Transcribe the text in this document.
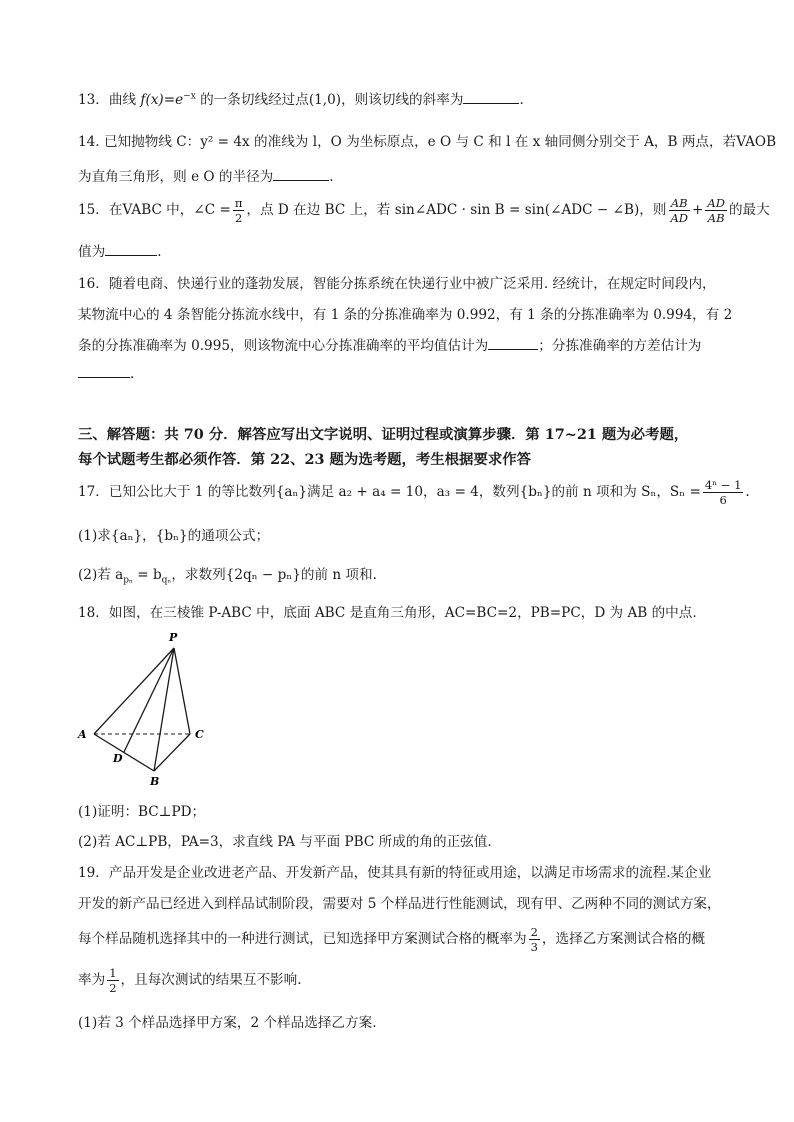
13．曲线 $f(x)=e^{-x}$ 的一条切线经过点(1,0)，则该切线的斜率为	.
14. 已知抛物线 C：y² = 4x 的准线为 l，O 为坐标原点，e O 与 C 和 l 在 x 轴同侧分别交于 A，B 两点，若VAOB
为直角三角形，则 e O 的半径为	.
15．在VABC 中，∠C = $\frac{\pi}{2}$ ，点 D 在边 BC 上，若 sin∠ADC · sin B = sin(∠ADC − ∠B)，则 $\frac{AB}{AD} + \frac{AD}{AB}$ 的最大
值为	.
16．随着电商、快递行业的蓬勃发展，智能分拣系统在快递行业中被广泛采用. 经统计，在规定时间段内，
某物流中心的 4 条智能分拣流水线中，有 1 条的分拣准确率为 0.992，有 1 条的分拣准确率为 0.994，有 2
条的分拣准确率为 0.995，则该物流中心分拣准确率的平均值估计为	；分拣准确率的方差估计为
.
三、解答题：共 70 分．解答应写出文字说明、证明过程或演算步骤．第 17~21 题为必考题，
每个试题考生都必须作答．第 22、23 题为选考题，考生根据要求作答
17．已知公比大于 1 的等比数列{aₙ}满足 a₂ + a₄ = 10，a₃ = 4，数列{bₙ}的前 n 项和为 Sₙ，$S_n = \frac{\text{4ⁿ − 1}}{6}$ .
(1)求{aₙ}，{bₙ}的通项公式；
(2)若 $a_{p_n} = b_{q_n}$，求数列{2qₙ − pₙ}的前 n 项和.
18．如图，在三棱锥 P-ABC 中，底面 ABC 是直角三角形，AC=BC=2，PB=PC，D 为 AB 的中点.
P
A	C
D
B
(1)证明：BC⊥PD；
(2)若 AC⊥PB，PA=3，求直线 PA 与平面 PBC 所成的角的正弦值.
19．产品开发是企业改进老产品、开发新产品，使其具有新的特征或用途，以满足市场需求的流程.某企业
开发的新产品已经进入到样品试制阶段，需要对 5 个样品进行性能测试，现有甲、乙两种不同的测试方案，
每个样品随机选择其中的一种进行测试，已知选择甲方案测试合格的概率为 $\frac{2}{3}$ ，选择乙方案测试合格的概
率为 $\frac{1}{2}$ ，且每次测试的结果互不影响.
(1)若 3 个样品选择甲方案，2 个样品选择乙方案.
